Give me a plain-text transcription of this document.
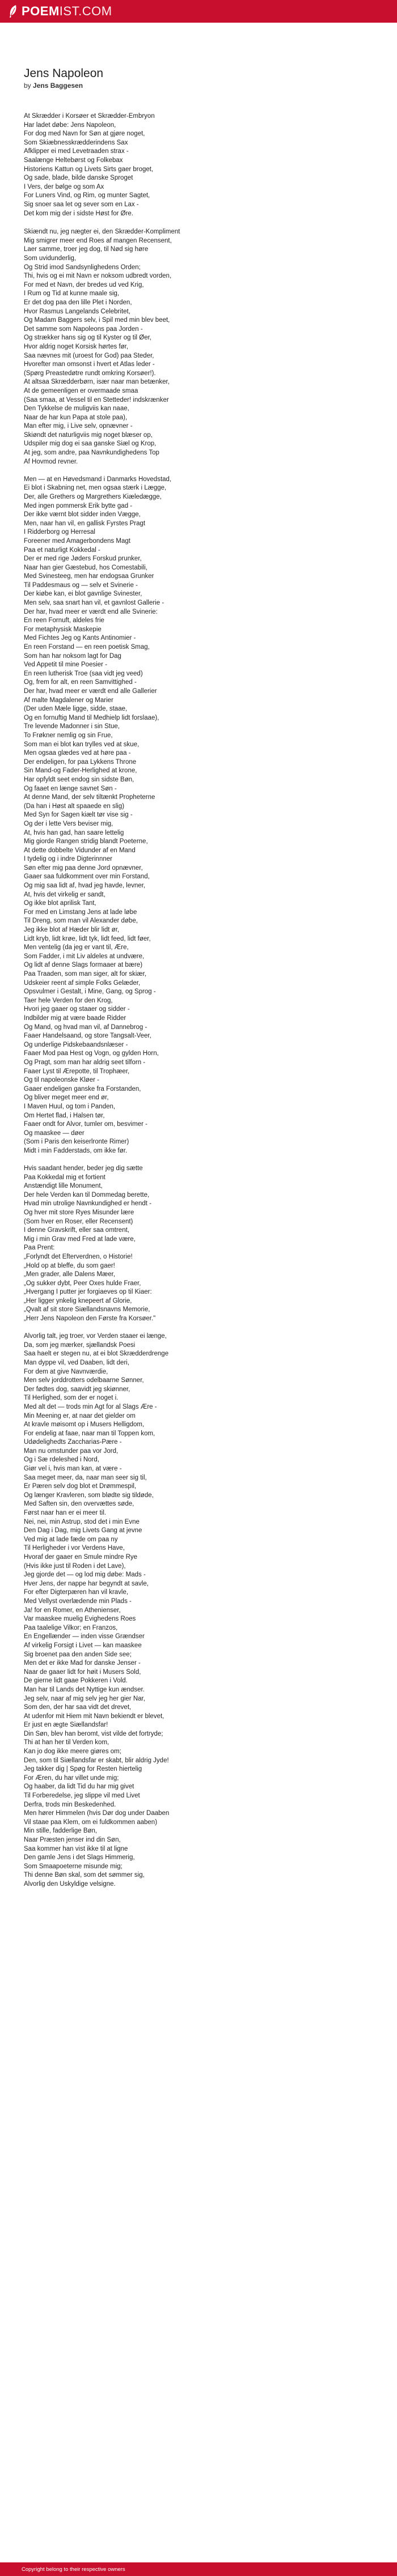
POEM IST.COM
Jens Napoleon
by Jens Baggesen

At Skrædder i Korsøer et Skrædder-Embryon
Har ladet døbe: Jens Napoleon,
For dog med Navn for Søn at gjøre noget,
Som Skiæbnesskrædderindens Sax
Afklipper ei med Levetraaden strax -
Saalænge Heltebørst og Folkebax
Historiens Kattun og Livets Sirts gaer broget,
Og sade, blade, bilde danske Sproget
I Vers, der bølge og som Ax
For Luners Vind, og Rim, og munter Sagtet,
Sig snoer saa let og sever som en Lax -
Det kom mig der i sidste Høst for Øre.

Skiændt nu, jeg nægter ei, den Skrædder-Kompliment
Mig smigrer meer end Roes af mangen Recensent,
Laer samme, troer jeg dog, til Nød sig høre
Som uvidunderlig,
Og Strid imod Sandsynlighedens Orden;
Thi, hvis og ei mit Navn er noksom udbredt vorden,
For med et Navn, der bredes ud ved Krig,
I Rum og Tid at kunne maale sig,
Er det dog paa den lille Plet i Norden,
Hvor Rasmus Langelands Celebritet,
Og Madam Baggers selv, i Spil med min blev beet,
Det samme som Napoleons paa Jorden -
Og strækker hans sig og til Kyster og til Øer,
Hvor aldrig noget Korsisk hørtes før,
Saa nævnes mit (uroest for God) paa Steder,
Hvorefter man omsonst i hvert et Atlas leder -
(Spørg Preastedøtre rundt omkring Korsøer!).
At altsaa Skrædderbørn, især naar man betænker,
At de gemeenligen er overmaade smaa
(Saa smaa, at Vessel til en Stetteder! indskrænker
Den Tykkelse de muligviis kan naae,
Naar de har kun Papa at stole paa),
Man efter mig, i Live selv, opnævner -
Skiøndt det naturligviis mig noget blæser op,
Udspiler mig dog ei saa ganske Siæl og Krop,
At jeg, som andre, paa Navnkundighedens Top
Af Hovmod revner.

Men — at en Høvedsmand i Danmarks Hovedstad,
Ei blot i Skabning net, men ogsaa stærk i Læggе,
Der, alle Grethers og Margrethers Kiæledægge,
Med ingen pommersk Erik bytte gad -
Der ikke værnt blot sidder inden Vægge,
Men, naar han vil, en gallisk Fyrstes Pragt
I Ridderborg og Herresal
Foreener med Amagerbondens Magt
Paa et naturligt Kokkedal -
Der er med rige Jøders Forskud prunker,
Naar han gier Gæstebud, hos Comestabili,
Med Svinesteeg, men har endogsaa Grunker
Til Paddesmaus og — selv et Svinerie -
Der kiøbe kan, ei blot gavnlige Svinester,
Men selv, saa snart han vil, et gavnlost Gallerie -
Der har, hvad meer er værdt end alle Svinerie:
En reen Fornuft, aldeles frie
For metaphysisk Maskepie
Med Fichtes Jeg og Kants Antinomier -
En reen Forstand — en reen poetisk Smag,
Som han har noksom lagt for Dag
Ved Appetit til mine Poesier -
En reen lutherisk Troe (saa vidt jeg veed)
Og, frem for alt, en reen Samvittighed -
Der har, hvad meer er værdt end alle Gallerier
Af malte Magdalener og Marier
(Der uden Mæle ligge, sidde, staae,
Og en fornuftig Mand til Medhielp lidt forslaae),
Tre levende Madonner i sin Stue,
To Frøkner nemlig og sin Frue,
Som man ei blot kan trylles ved at skue,
Men ogsaa glædes ved at høre paa -
Der endeligen, for paa Lykkens Throne
Sin Mand-og Fader-Herlighed at krone,
Har opfyldt seet endog sin sidste Bøn,
Og faaet en længe savnet Søn -
At denne Mand, der selv tiltænkt Propheterne
(Da han i Høst alt spaaede en slig)
Med Syn for Sagen kiælt tør vise sig -
Og der i lette Vers beviser mig,
At, hvis han gad, han saare lettelig
Mig giorde Rangen stridig blandt Poeterne,
At dette dobbelte Vidunder af en Mand
I tydelig og i indre Digterinnner
Søn efter mig paa denne Jord opnævner,
Gaaer saa fuldkomment over min Forstand,
Og mig saa lidt af, hvad jeg havde, levner,
At, hvis det virkelig er sandt,
Og ikke blot aprilisk Tant,
For med en Limstang Jens at lade løbe
Til Dreng, som man vil Alexander døbe,
Jeg ikke blot af Hæder blir lidt ør,
Lidt kryb, lidt krøe, lidt tyk, lidt feed, lidt føer,
Men ventelig (da jeg er vant til, Ære,
Som Fadder, i mit Liv aldeles at undvære,
Og lidt af denne Slags formaaer at bære)
Paa Traaden, som man siger, alt for skiær,
Udskeier reent af simple Folks Gelæder,
Opsvulmer i Gestalt, i Mine, Gang, og Sprog -
Taer hele Verden for den Krog,
Hvori jeg gaaer og staaer og sidder -
Indbilder mig at være baade Ridder
Og Mand, og hvad man vil, af Dannebrog -
Faaer Handelsaand, og store Tangsalt-Veer,
Og underlige Pidskebaandsnlæser -
Faaer Mod paa Hest og Vogn, og gylden Horn,
Og Pragt, som man har aldrig seet tilforn -
Faaer Lyst til Ærepotte, til Trophæer,
Og til napoleonske Kløer -
Gaaer endeligen ganske fra Forstanden,
Og bliver meget meer end ør,
I Maven Huul, og tom i Panden,
Om Hertet flad, i Halsen tør,
Faaer ondt for Alvor, tumler om, besvimer -
Og maaskee — døer
(Som i Paris den keiserlronte Rimer)
Midt i min Fadderstads, om ikke før.

Hvis saadant hender, beder jeg dig sætte
Paa Kokkedal mig et fortient
Anstændigt lille Monument,
Der hele Verden kan til Dommedag berette,
Hvad min utrolige Navnkundighed er hendt -
Og hver mit store Ryes Misunder lære
(Som hver en Roser, eller Recensent)
I denne Gravskrift, eller saa omtrent,
Mig i min Grav med Fred at lade være,
Paa Prent:
„Forlyndt det Efterverdnen, o Historie!
„Hold op at bleffe, du som gaer!
„Men grader, alle Dalens Mæer,
„Og sukker dybt, Peer Oxes hulde Fraer,
„Hvergang I putter jer forgiaeves op til Kiaer:
„Her ligger ynkelig knepeert af Glorie,
„Qvalt af sit store Siællandsnavns Memorie,
„Herr Jens Napoleon den Første fra Korsøer."

Alvorlig talt, jeg troer, vor Verden staaer ei længe,
Da, som jeg mærker, sjællandsk Poesi
Saa haelt er stegen nu, at ei blot Skrædderdrenge
Man dyppe vil, ved Daaben, lidt deri,
For dem at give Navnværdie,
Men selv jorddrotters odelbaarne Sønner,
Der fødtes dog, saavidt jeg skiønner,
Til Herlighed, som der er noget i.
Med alt det — trods min Agt for al Slags Ære -
Min Meening er, at naar det gielder om
At kravle møisomt op i Musers Helligdom,
For endelig at faae, naar man til Toppen kom,
Udødelighedts Zaccharias-Pære -
Man nu omstunder paa vor Jord,
Og i Sæ rdeleshed i Nord,
Giør vel i, hvis man kan, at være -
Saa meget meer, da, naar man seer sig til,
Er Pæren selv dog blot et Drømmespil,
Og længer Kravleren, som blødte sig tildøde,
Med Saften sin, den overvættes søde,
Først naar han er ei meer til.
Nei, nei, min Astrup, stod det i min Evne
Den Dag i Dag, mig Livets Gang at jevne
Ved mig at lade fæde om paa ny
Til Herligheder i vor Verdens Have,
Hvoraf der gaaer en Smule mindre Rye
(Hvis ikke just til Roden i det Lave),
Jeg gjorde det — og lod mig døbe: Mads -
Hver Jens, der nappe har begyndt at savle,
For efter Digterpæren han vil kravle,
Med Vellyst overlædende min Plads -
Ja! for en Romer, en Athenienser,
Var maaskee muelig Evighedens Roes
Paa taalelige Vilkor; en Franzos,
En Engellænder — inden visse Grændser
Af virkelig Forsigt i Livet — kan maaskee
Sig broenet paa den anden Side see;
Men det er ikke Mad for danske Jenser -
Naar de gaaer lidt for høit i Musers Sold,
De gierne lidt gaae Pokkeren i Vold.
Man har til Lands det Nyttige kun ændser.
Jeg selv, naar af mig selv jeg her gier Nar,
Som den, der har saa vidt det drevet,
At udenfor mit Hiem mit Navn bekiendt er blevet,
Er just en ægte Siællandsfar!
Din Søn, blev han beromt, vist vilde det fortryde;
Thi at han her til Verden kom,
Kan jo dog ikke meere giøres om;
Den, som til Siællandsfar er skabt, blir aldrig Jyde!
Jeg takker dig | Spøg for Resten hiertelig
For Æren, du har villet unde mig;
Og haaber, da lidt Tid du har mig givet
Til Forberedelse, jeg slippe vil med Livet
Derfra, trods min Beskedenhed.
Men hører Himmelen (hvis Dør dog under Daaben
Vil staae paa Klem, om ei fuldkommen aaben)
Min stille, fadderlige Bøn,
Naar Præsten jenser ind din Søn,
Saa kommer han vist ikke til at ligne
Den gamle Jens i det Slags Himmerig,
Som Smaapoeterne misunde mig;
Thi denne Bøn skal, som det sømmer sig,
Alvorlig den Uskyldige velsigne.

Copyright belong to their respective owners
